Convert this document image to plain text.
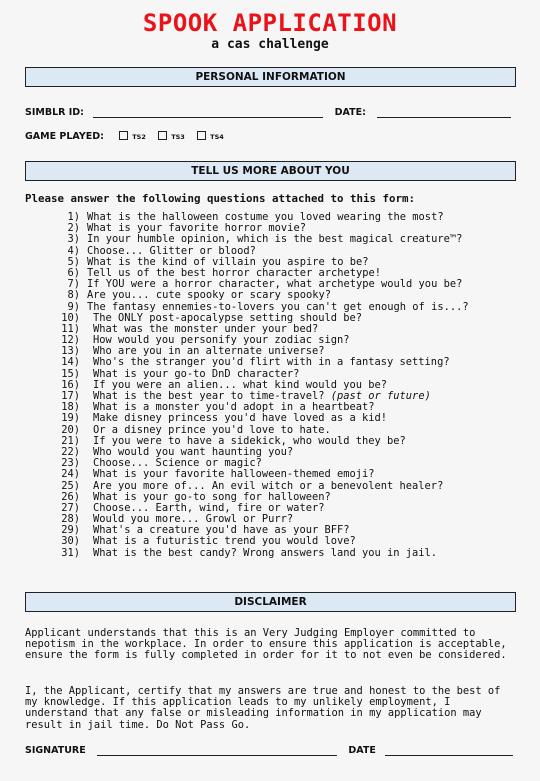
SPOOK APPLICATION
a cas challenge
PERSONAL INFORMATION
SIMBLR ID:	DATE:
GAME PLAYED:	TS2	TS3	TS4
TELL US MORE ABOUT YOU
Please answer the following questions attached to this form:
1) What is the halloween costume you loved wearing the most?
2) What is your favorite horror movie?
3) In your humble opinion, which is the best magical creature™?
4) Choose... Glitter or blood?
5) What is the kind of villain you aspire to be?
6) Tell us of the best horror character archetype!
7) If YOU were a horror character, what archetype would you be?
8) Are you... cute spooky or scary spooky?
9) The fantasy ennemies-to-lovers you can't get enough of is...?
10)	The ONLY post-apocalypse setting should be?
11)	What was the monster under your bed?
12)	How would you personify your zodiac sign?
13)	Who are you in an alternate universe?
14)	Who's the stranger you'd flirt with in a fantasy setting?
15)	What is your go-to DnD character?
16)	If you were an alien... what kind would you be?
17)	What is the best year to time-travel? (past or future)
18)	What is a monster you'd adopt in a heartbeat?
19)	Make disney princess you'd have loved as a kid!
20)	Or a disney prince you'd love to hate.
21)	If you were to have a sidekick, who would they be?
22)	Who would you want haunting you?
23)	Choose... Science or magic?
24)	What is your favorite halloween-themed emoji?
25)	Are you more of... An evil witch or a benevolent healer?
26)	What is your go-to song for halloween?
27)	Choose... Earth, wind, fire or water?
28)	Would you more... Growl or Purr?
29)	What's a creature you'd have as your BFF?
30)	What is a futuristic trend you would love?
31)	What is the best candy? Wrong answers land you in jail.
DISCLAIMER
Applicant understands that this is an Very Judging Employer committed to nepotism in the workplace. In order to ensure this application is acceptable, ensure the form is fully completed in order for it to not even be considered.
I, the Applicant, certify that my answers are true and honest to the best of my knowledge. If this application leads to my unlikely employment, I understand that any false or misleading information in my application may result in jail time. Do Not Pass Go.
SIGNATURE	DATE
